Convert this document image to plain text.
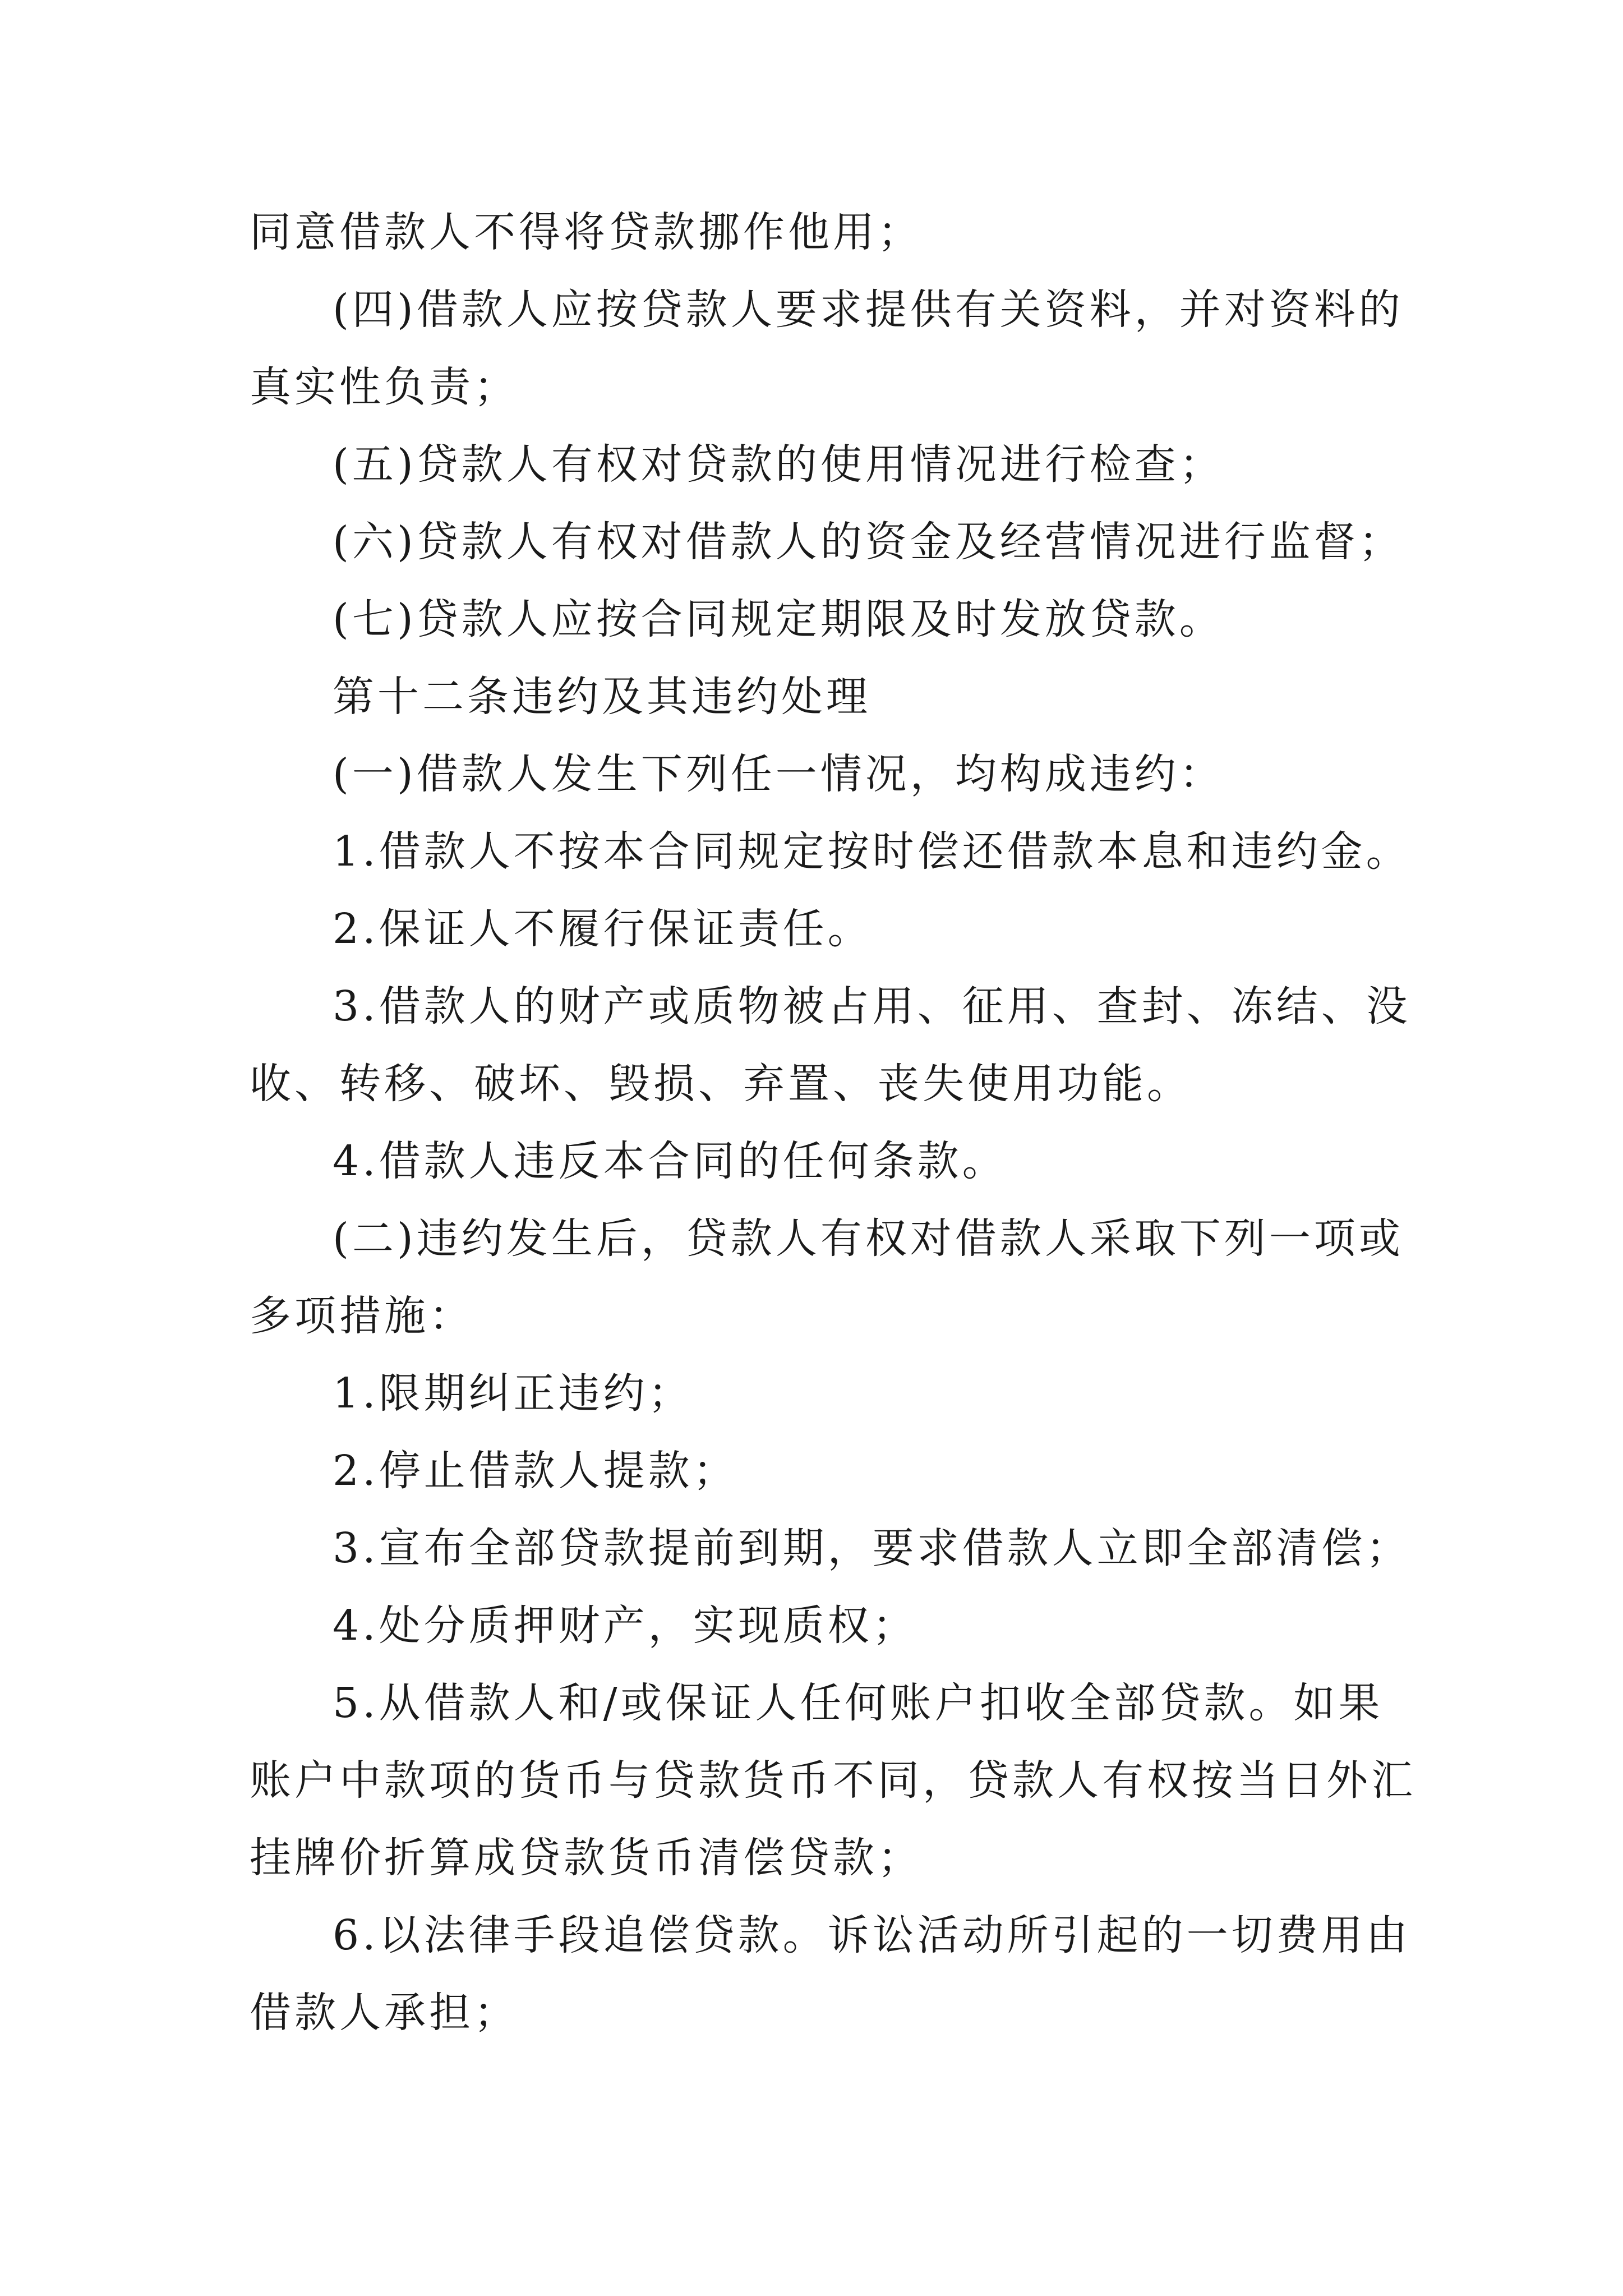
同意借款人不得将贷款挪作他用；
(四)借款人应按贷款人要求提供有关资料，并对资料的
真实性负责；
(五)贷款人有权对贷款的使用情况进行检查；
(六)贷款人有权对借款人的资金及经营情况进行监督；
(七)贷款人应按合同规定期限及时发放贷款。
第十二条违约及其违约处理
(一)借款人发生下列任一情况，均构成违约：
1.借款人不按本合同规定按时偿还借款本息和违约金。
2.保证人不履行保证责任。
3.借款人的财产或质物被占用、征用、查封、冻结、没
收、转移、破坏、毁损、弃置、丧失使用功能。
4.借款人违反本合同的任何条款。
(二)违约发生后，贷款人有权对借款人采取下列一项或
多项措施：
1.限期纠正违约；
2.停止借款人提款；
3.宣布全部贷款提前到期，要求借款人立即全部清偿；
4.处分质押财产，实现质权；
5.从借款人和/或保证人任何账户扣收全部贷款。如果
账户中款项的货币与贷款货币不同，贷款人有权按当日外汇
挂牌价折算成贷款货币清偿贷款；
6.以法律手段追偿贷款。诉讼活动所引起的一切费用由
借款人承担；
